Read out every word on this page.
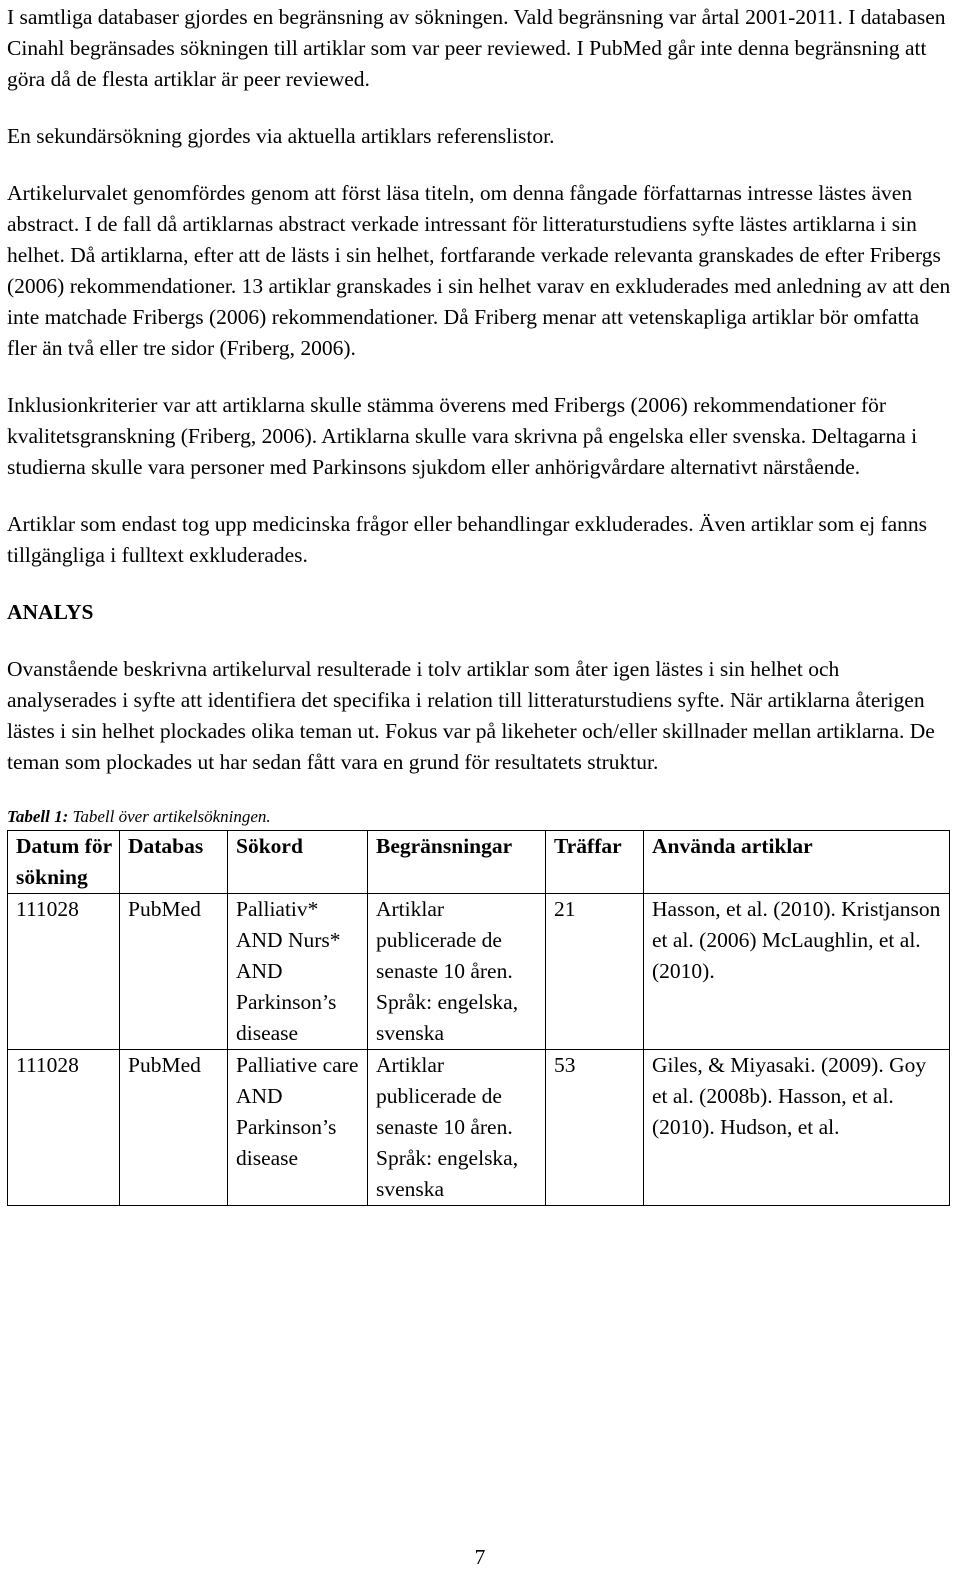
I samtliga databaser gjordes en begränsning av sökningen. Vald begränsning var årtal 2001-2011. I databasen Cinahl begränsades sökningen till artiklar som var peer reviewed. I PubMed går inte denna begränsning att göra då de flesta artiklar är peer reviewed.

En sekundärsökning gjordes via aktuella artiklars referenslistor.

Artikelurvalet genomfördes genom att först läsa titeln, om denna fångade författarnas intresse lästes även abstract. I de fall då artiklarnas abstract verkade intressant för litteraturstudiens syfte lästes artiklarna i sin helhet. Då artiklarna, efter att de lästs i sin helhet, fortfarande verkade relevanta granskades de efter Fribergs (2006) rekommendationer. 13 artiklar granskades i sin helhet varav en exkluderades med anledning av att den inte matchade Fribergs (2006) rekommendationer. Då Friberg menar att vetenskapliga artiklar bör omfatta fler än två eller tre sidor (Friberg, 2006).

Inklusionkriterier var att artiklarna skulle stämma överens med Fribergs (2006) rekommendationer för kvalitetsgranskning (Friberg, 2006). Artiklarna skulle vara skrivna på engelska eller svenska. Deltagarna i studierna skulle vara personer med Parkinsons sjukdom eller anhörigvårdare alternativt närstående.

Artiklar som endast tog upp medicinska frågor eller behandlingar exkluderades. Även artiklar som ej fanns tillgängliga i fulltext exkluderades.

ANALYS

Ovanstående beskrivna artikelurval resulterade i tolv artiklar som åter igen lästes i sin helhet och analyserades i syfte att identifiera det specifika i relation till litteraturstudiens syfte. När artiklarna återigen lästes i sin helhet plockades olika teman ut. Fokus var på likeheter och/eller skillnader mellan artiklarna. De teman som plockades ut har sedan fått vara en grund för resultatets struktur.

Tabell 1: Tabell över artikelsökningen.
Datum för sökning	Databas	Sökord	Begränsningar	Träffar	Använda artiklar
111028	PubMed	Palliativ* AND Nurs* AND Parkinson’s disease	Artiklar publicerade de senaste 10 åren. Språk: engelska, svenska	21	Hasson, et al. (2010). Kristjanson et al. (2006) McLaughlin, et al. (2010).
111028	PubMed	Palliative care AND Parkinson’s disease	Artiklar publicerade de senaste 10 åren. Språk: engelska, svenska	53	Giles, & Miyasaki. (2009). Goy et al. (2008b). Hasson, et al. (2010). Hudson, et al.
7
